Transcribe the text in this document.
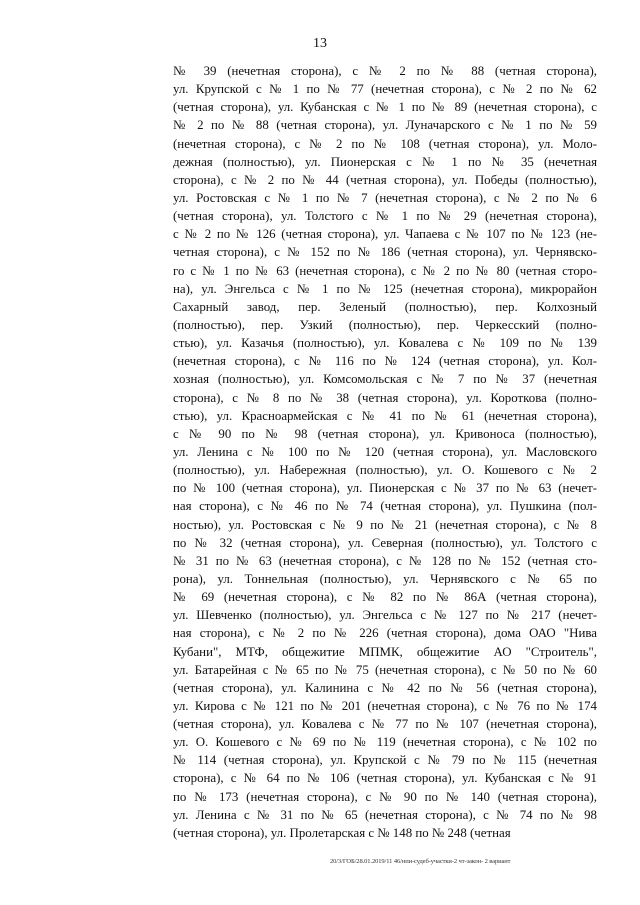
13
№ 39 (нечетная сторона), с № 2 по № 88 (четная сторона),
ул. Крупской с № 1 по № 77 (нечетная сторона), с № 2 по № 62
(четная сторона), ул. Кубанская с № 1 по № 89 (нечетная сторона), с
№ 2 по № 88 (четная сторона), ул. Луначарского с № 1 по № 59
(нечетная сторона), с № 2 по № 108 (четная сторона), ул. Моло-
дежная (полностью), ул. Пионерская с № 1 по № 35 (нечетная
сторона), с № 2 по № 44 (четная сторона), ул. Победы (полностью),
ул. Ростовская с № 1 по № 7 (нечетная сторона), с № 2 по № 6
(четная сторона), ул. Толстого с № 1 по № 29 (нечетная сторона),
с № 2 по № 126 (четная сторона), ул. Чапаева с № 107 по № 123 (не-
четная сторона), с № 152 по № 186 (четная сторона), ул. Чернявско-
го с № 1 по № 63 (нечетная сторона), с № 2 по № 80 (четная сторо-
на), ул. Энгельса с № 1 по № 125 (нечетная сторона), микрорайон
Сахарный завод, пер. Зеленый (полностью), пер. Колхозный
(полностью), пер. Узкий (полностью), пер. Черкесский (полно-
стью), ул. Казачья (полностью), ул. Ковалева с № 109 по № 139
(нечетная сторона), с № 116 по № 124 (четная сторона), ул. Кол-
хозная (полностью), ул. Комсомольская с № 7 по № 37 (нечетная
сторона), с № 8 по № 38 (четная сторона), ул. Короткова (полно-
стью), ул. Красноармейская с № 41 по № 61 (нечетная сторона),
с № 90 по № 98 (четная сторона), ул. Кривоноса (полностью),
ул. Ленина с № 100 по № 120 (четная сторона), ул. Масловского
(полностью), ул. Набережная (полностью), ул. О. Кошевого с № 2
по № 100 (четная сторона), ул. Пионерская с № 37 по № 63 (нечет-
ная сторона), с № 46 по № 74 (четная сторона), ул. Пушкина (пол-
ностью), ул. Ростовская с № 9 по № 21 (нечетная сторона), с № 8
по № 32 (четная сторона), ул. Северная (полностью), ул. Толстого с
№ 31 по № 63 (нечетная сторона), с № 128 по № 152 (четная сто-
рона), ул. Тоннельная (полностью), ул. Чернявского с № 65 по
№ 69 (нечетная сторона), с № 82 по № 86А (четная сторона),
ул. Шевченко (полностью), ул. Энгельса с № 127 по № 217 (нечет-
ная сторона), с № 2 по № 226 (четная сторона), дома ОАО "Нива
Кубани", МТФ, общежитие МПМК, общежитие АО "Строитель",
ул. Батарейная с № 65 по № 75 (нечетная сторона), с № 50 по № 60
(четная сторона), ул. Калинина с № 42 по № 56 (четная сторона),
ул. Кирова с № 121 по № 201 (нечетная сторона), с № 76 по № 174
(четная сторона), ул. Ковалева с № 77 по № 107 (нечетная сторона),
ул. О. Кошевого с № 69 по № 119 (нечетная сторона), с № 102 по
№ 114 (четная сторона), ул. Крупской с № 79 по № 115 (нечетная
сторона), с № 64 по № 106 (четная сторона), ул. Кубанская с № 91
по № 173 (нечетная сторона), с № 90 по № 140 (четная сторона),
ул. Ленина с № 31 по № 65 (нечетная сторона), с № 74 по № 98
(четная сторона), ул. Пролетарская с № 148 по № 248 (четная
20/3/ГОБ/28.01.2019/11 46/нпи-судеб-участки-2 чт-закон- 2 вариант
